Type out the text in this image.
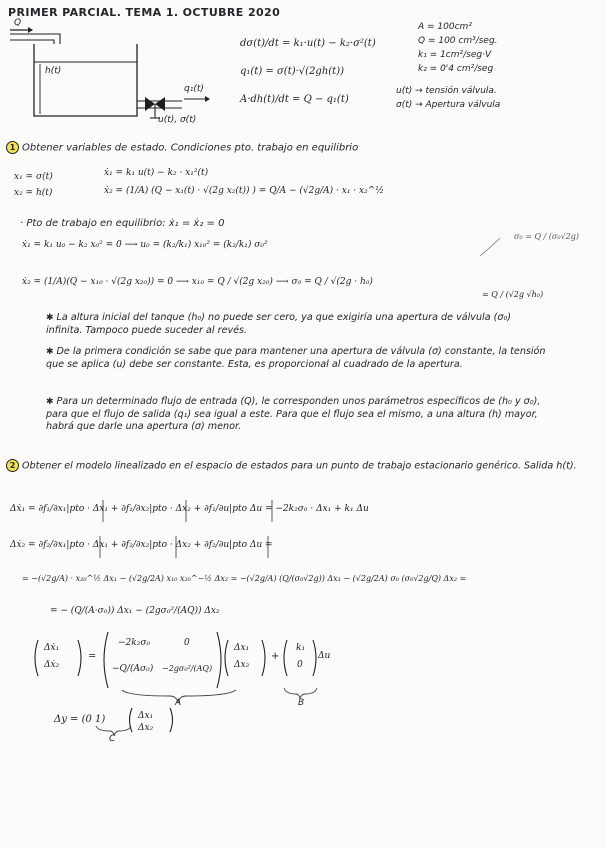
PRIMER PARCIAL. TEMA 1. OCTUBRE 2020
Q
h(t)
q₁(t)
u(t), σ(t)
dσ(t)/dt = k₁·u(t) − k₂·σ²(t)
q₁(t) = σ(t)·√(2gh(t))
A·dh(t)/dt = Q − q₁(t)
A = 100cm²
Q = 100 cm³/seg.
k₁ = 1cm²/seg·V
k₂ = 0'4 cm²/seg
u(t) → tensión válvula.
σ(t) → Apertura válvula
1 Obtener variables de estado. Condiciones pto. trabajo en equilibrio
x₁ = σ(t)
x₂ = h(t)
ẋ₁ = k₁ u(t) − k₂ · x₁²(t)
ẋ₂ = (1/A) (Q − x₁(t) · √(2g x₂(t)) ) = Q/A − (√2g/A) · x₁ · x₂^½
· Pto de trabajo en equilibrio: ẋ₁ = ẋ₂ = 0
ẋ₁ = k₁ u₀ − k₂ x₀² = 0 ⟶ u₀ = (k₂/k₁) x₁₀² = (k₂/k₁) σ₀²
ẋ₂ = (1/A)(Q − x₁₀ · √(2g x₂₀)) = 0 ⟶ x₁₀ = Q / √(2g x₂₀) ⟶ σ₀ = Q / √(2g · h₀)
σ₀ = Q / (σ₀√2g)
= Q / (√2g √h₀)
✱ La altura inicial del tanque (h₀) no puede ser cero, ya que exigiría una apertura de válvula (σ₀) infinita. Tampoco puede suceder al revés.
✱ De la primera condición se sabe que para mantener una apertura de válvula (σ) constante, la tensión que se aplica (u) debe ser constante. Esta, es proporcional al cuadrado de la apertura.
✱ Para un determinado flujo de entrada (Q), le corresponden unos parámetros específicos de (h₀ y σ₀), para que el flujo de salida (q₁) sea igual a este. Para que el flujo sea el mismo, a una altura (h) mayor, habrá que darle una apertura (σ) menor.
2 Obtener el modelo linealizado en el espacio de estados para un punto de trabajo estacionario genérico. Salida h(t).
Δẋ₁ = ∂f₁/∂x₁|pto · Δx₁ + ∂f₁/∂x₂|pto · Δx₂ + ∂f₁/∂u|pto Δu = −2k₂σ₀ · Δx₁ + k₁ Δu
Δẋ₂ = ∂f₂/∂x₁|pto · Δx₁ + ∂f₂/∂x₂|pto · Δx₂ + ∂f₂/∂u|pto Δu =
= −(√2g/A) · x₂₀^½ Δx₁ − (√2g/2A) x₁₀ x₂₀^−½ Δx₂ = −(√2g/A) (Q/(σ₀√2g)) Δx₁ − (√2g/2A) σ₀ (σ₀√2g/Q) Δx₂ =
= − (Q/(A·σ₀)) Δx₁ − (2gσ₀²/(AQ)) Δx₂
Δẋ₁
Δẋ₂
=
−2k₂σ₀	0
−Q/(Aσ₀) −2gσ₀²/(AQ)
Δx₁
Δx₂
+
k₁
0
Δu
A	B
C
Δy = (0 1)	Δx₁
Δx₂
